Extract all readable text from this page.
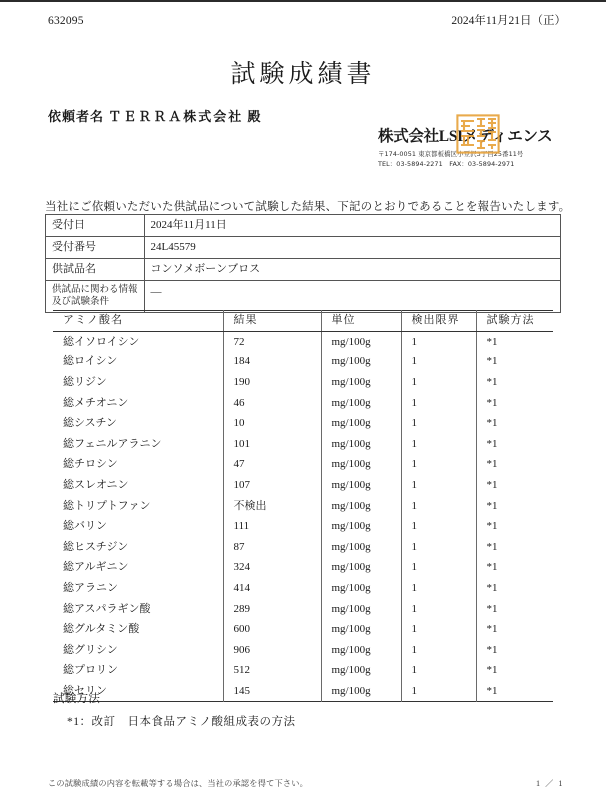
632095	2024年11月21日（正）
試験成績書
依頼者名 ＴＥＲＲＡ株式会社 殿
株式会社LSIメディエンス
〒174-0051 東京都板橋区小豆沢3丁目25番11号
TEL：03-5894-2271　FAX：03-5894-2971
当社にご依頼いただいた供試品について試験した結果、下記のとおりであることを報告いたします。
受付日	2024年11月11日
受付番号	24L45579
供試品名	コンソメボーンブロス

供試品に関わる情報
及び試験条件	―
アミノ酸名	結果	単位	検出限界	試験方法
総イソロイシン	72	mg/100g	1	*1
総ロイシン	184	mg/100g	1	*1
総リジン	190	mg/100g	1	*1
総メチオニン	46	mg/100g	1	*1
総シスチン	10	mg/100g	1	*1
総フェニルアラニン	101	mg/100g	1	*1
総チロシン	47	mg/100g	1	*1
総スレオニン	107	mg/100g	1	*1
総トリプトファン	不検出	mg/100g	1	*1
総バリン	111	mg/100g	1	*1
総ヒスチジン	87	mg/100g	1	*1
総アルギニン	324	mg/100g	1	*1
総アラニン	414	mg/100g	1	*1
総アスパラギン酸	289	mg/100g	1	*1
総グルタミン酸	600	mg/100g	1	*1
総グリシン	906	mg/100g	1	*1
総プロリン	512	mg/100g	1	*1
総セリン	145	mg/100g	1	*1
試験方法
*1：改訂　日本食品アミノ酸組成表の方法
この試験成績の内容を転載等する場合は、当社の承認を得て下さい。	1 ／ 1
